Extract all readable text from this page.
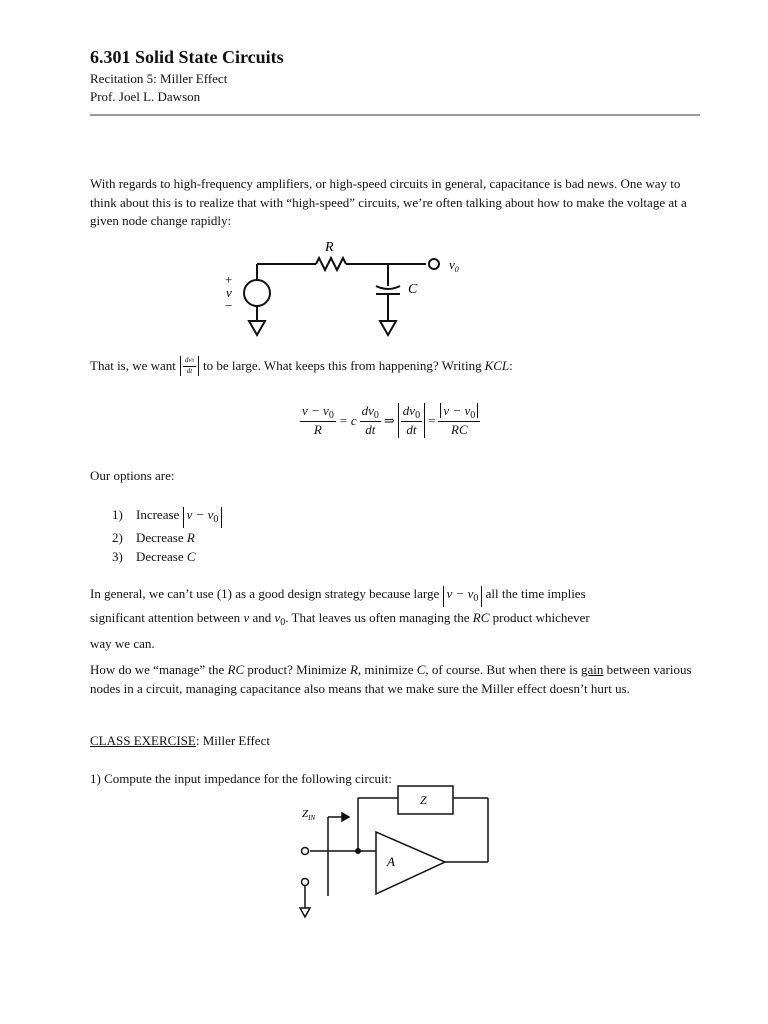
6.301 Solid State Circuits
Recitation 5: Miller Effect
Prof. Joel L. Dawson
With regards to high-frequency amplifiers, or high-speed circuits in general, capacitance is bad news. One way to think about this is to realize that with “high-speed” circuits, we’re often talking about how to make the voltage at a given node change rapidly:
R
C
$v_0$
+
v
−
That is, we want $\frac{dv0}{dt}$ to be large. What keeps this from happening? Writing KCL:
$\frac{v - v_0}{R} = c \frac{dv_0}{dt}$ ⇒ $\frac{dv_0}{dt} = \frac{v - v_0}{RC}$
Our options are:
1) Increase $v - v_0$
2) Decrease R
3) Decrease C
In general, we can’t use (1) as a good design strategy because large $v - v_0$ all the time implies
significant attention between v and $v_0$. That leaves us often managing the RC product whichever
way we can.
How do we “manage” the RC product? Minimize R, minimize C, of course. But when there is gain between various nodes in a circuit, managing capacitance also means that we make sure the Miller effect doesn’t hurt us.
CLASS EXERCISE: Miller Effect
1) Compute the input impedance for the following circuit:
Z
$Z_{IN}$
A
